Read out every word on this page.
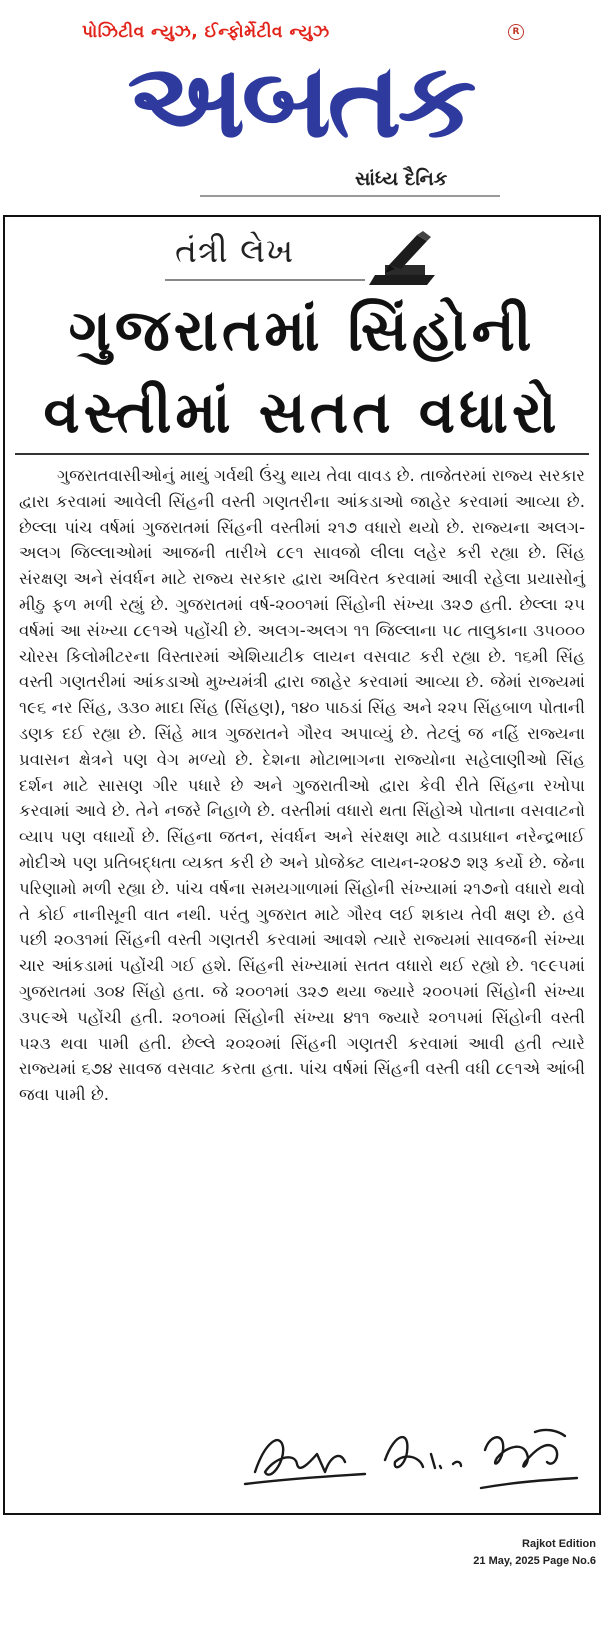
પોઝિટીવ ન્યુઝ, ઈન્ફોર્મેટીવ ન્યુઝ	R
અબતક
સાંધ્ય દૈનિક
તંત્રી લેખ
ગુજરાતમાં સિંહોની
વસ્તીમાં સતત વધારો

ગુજરાતવાસીઓનું માથું ગર્વથી ઉંચુ થાય તેવા વાવડ છે. તાજેતરમાં રાજ્ય સરકાર દ્વારા કરવામાં આવેલી સિંહની વસ્તી ગણતરીના આંકડાઓ જાહેર કરવામાં આવ્યા છે. છેલ્લા પાંચ વર્ષમાં ગુજરાતમાં સિંહની વસ્તીમાં ૨૧૭ વધારો થયો છે. રાજ્યના અલગ-અલગ જિલ્લાઓમાં આજની તારીખે ૮૯૧ સાવજો લીલા લહેર કરી રહ્યા છે. સિંહ સંરક્ષણ અને સંવર્ધન માટે રાજ્ય સરકાર દ્વારા અવિરત કરવામાં આવી રહેલા પ્રયાસોનું મીઠુ ફળ મળી રહ્યું છે. ગુજરાતમાં વર્ષ-૨૦૦૧માં સિંહોની સંખ્યા ૩૨૭ હતી. છેલ્લા ૨૫ વર્ષમાં આ સંખ્યા ૮૯૧એ પહોંચી છે. અલગ-અલગ ૧૧ જિલ્લાના ૫૮ તાલુકાના ૩૫૦૦૦ ચોરસ કિલોમીટરના વિસ્તારમાં એશિયાટીક લાયન વસવાટ કરી રહ્યા છે. ૧૬મી સિંહ વસ્તી ગણતરીમાં આંકડાઓ મુખ્યમંત્રી દ્વારા જાહેર કરવામાં આવ્યા છે. જેમાં રાજ્યમાં ૧૯૬ નર સિંહ, ૩૩૦ માદા સિંહ (સિંહણ), ૧૪૦ પાઠડાં સિંહ અને ૨૨૫ સિંહબાળ પોતાની ડણક દઈ રહ્યા છે. સિંહે માત્ર ગુજરાતને ગૌરવ અપાવ્યું છે. તેટલું જ નહિં રાજ્યના પ્રવાસન ક્ષેત્રને પણ વેગ મળ્યો છે. દેશના મોટાભાગના રાજ્યોના સહેલાણીઓ સિંહ દર્શન માટે સાસણ ગીર પધારે છે અને ગુજરાતીઓ દ્વારા કેવી રીતે સિંહના રખોપા કરવામાં આવે છે. તેને નજરે નિહાળે છે. વસ્તીમાં વધારો થતા સિંહોએ પોતાના વસવાટનો વ્યાપ પણ વધાર્યો છે. સિંહના જતન, સંવર્ધન અને સંરક્ષણ માટે વડાપ્રધાન નરેન્દ્રભાઈ મોદીએ પણ પ્રતિબદ્ધતા વ્યક્ત કરી છે અને પ્રોજેક્ટ લાયન-૨૦૪૭ શરૂ કર્યો છે. જેના પરિણામો મળી રહ્યા છે. પાંચ વર્ષના સમયગાળામાં સિંહોની સંખ્યામાં ૨૧૭નો વધારો થવો તે કોઈ નાનીસૂની વાત નથી. પરંતુ ગુજરાત માટે ગૌરવ લઈ શકાય તેવી ક્ષણ છે. હવે પછી ૨૦૩૧માં સિંહની વસ્તી ગણતરી કરવામાં આવશે ત્યારે રાજ્યમાં સાવજની સંખ્યા ચાર આંકડામાં પહોંચી ગઈ હશે. સિંહની સંખ્યામાં સતત વધારો થઈ રહ્યો છે. ૧૯૯૫માં ગુજરાતમાં ૩૦૪ સિંહો હતા. જે ૨૦૦૧માં ૩૨૭ થયા જ્યારે ૨૦૦૫માં સિંહોની સંખ્યા ૩૫૯એ પહોંચી હતી. ૨૦૧૦માં સિંહોની સંખ્યા ૪૧૧ જ્યારે ૨૦૧૫માં સિંહોની વસ્તી ૫૨૩ થવા પામી હતી. છેલ્લે ૨૦૨૦માં સિંહની ગણતરી કરવામાં આવી હતી ત્યારે રાજ્યમાં ૬૭૪ સાવજ વસવાટ કરતા હતા. પાંચ વર્ષમાં સિંહની વસ્તી વધી ૮૯૧એ આંબી જવા પામી છે.

Rajkot Edition
21 May, 2025 Page No.6
